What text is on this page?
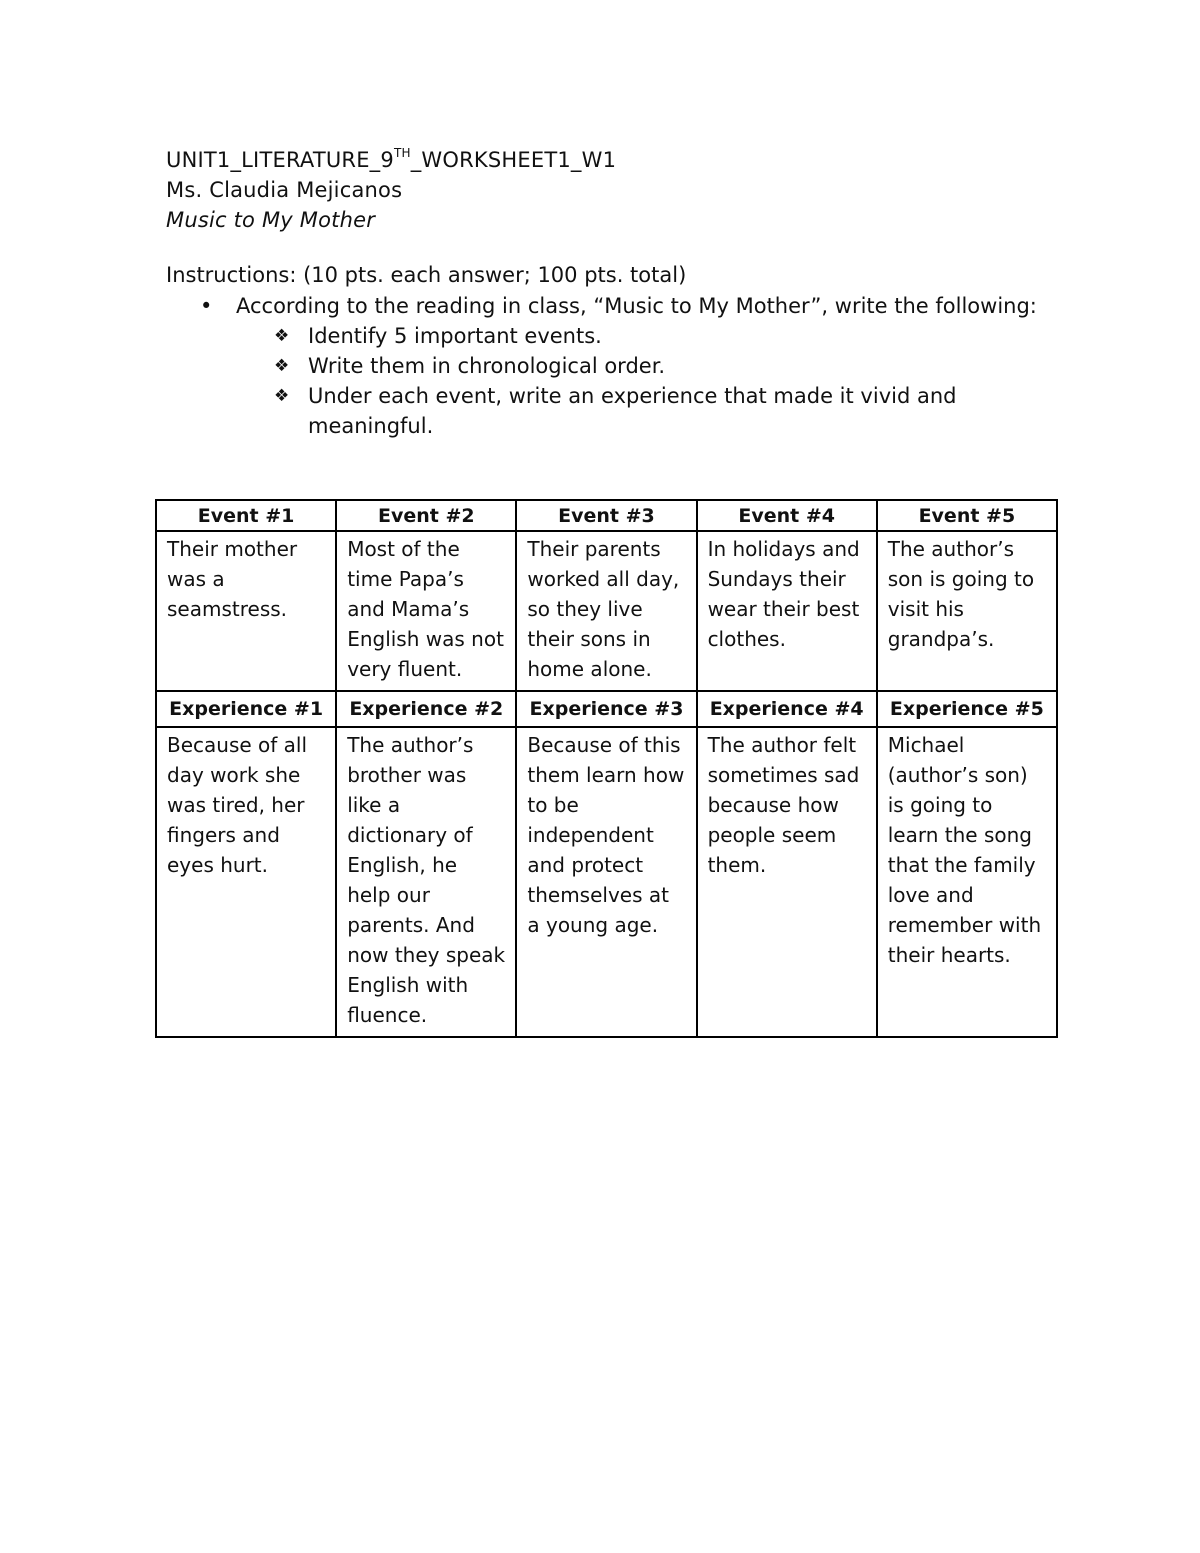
UNIT1_LITERATURE_9TH_WORKSHEET1_W1
Ms. Claudia Mejicanos
Music to My Mother
Instructions: (10 pts. each answer; 100 pts. total)
• According to the reading in class, “Music to My Mother”, write the following:
❖ Identify 5 important events.
❖ Write them in chronological order.
❖ Under each event, write an experience that made it vivid and meaningful.
Event #1	Event #2	Event #3	Event #4	Event #5
Their mother was a seamstress.	Most of the time Papa’s and Mama’s English was not very fluent.	Their parents worked all day, so they live their sons in home alone.	In holidays and Sundays their wear their best clothes.	The author’s son is going to visit his grandpa’s.
Experience #1	Experience #2	Experience #3	Experience #4	Experience #5
Because of all day work she was tired, her fingers and eyes hurt.	The author’s brother was like a dictionary of English, he help our parents. And now they speak English with fluence.	Because of this them learn how to be independent and protect themselves at a young age.	The author felt sometimes sad because how people seem them.	Michael (author’s son) is going to learn the song that the family love and remember with their hearts.
